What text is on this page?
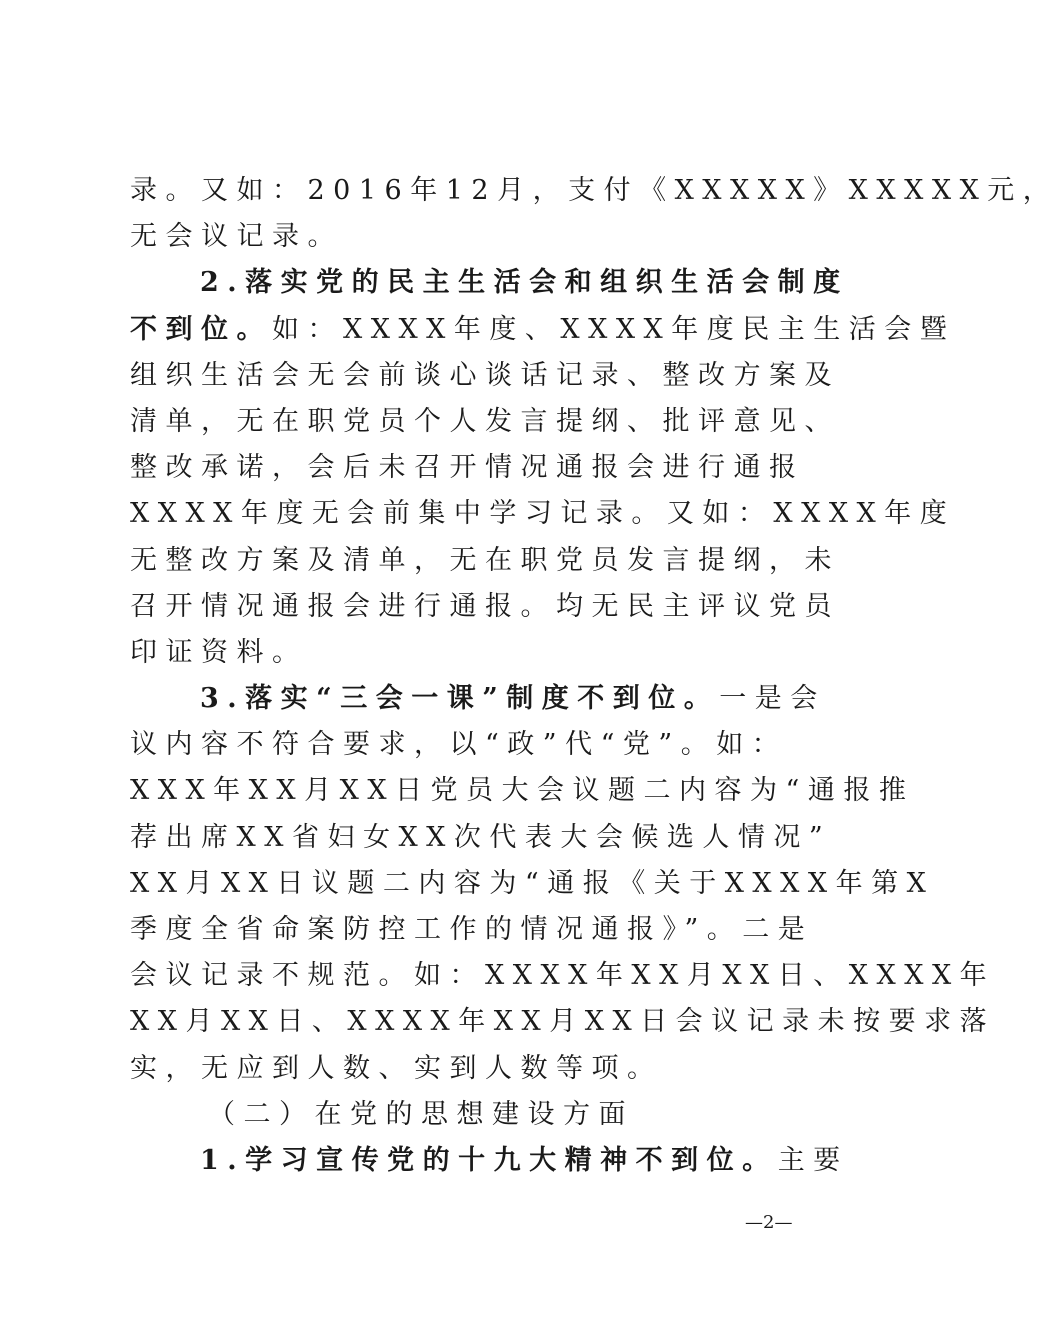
录。又如：2016年12月，支付《XXXXX》XXXXX元，
无会议记录。
2.落实党的民主生活会和组织生活会制度
不到位。如：XXXX年度、XXXX年度民主生活会暨
组织生活会无会前谈心谈话记录、整改方案及
清单，无在职党员个人发言提纲、批评意见、
整改承诺，会后未召开情况通报会进行通报
XXXX年度无会前集中学习记录。又如：XXXX年度
无整改方案及清单，无在职党员发言提纲，未
召开情况通报会进行通报。均无民主评议党员
印证资料。
3.落实“三会一课”制度不到位。一是会
议内容不符合要求，以“政”代“党”。如：
XXX年XX月XX日党员大会议题二内容为“通报推
荐出席XX省妇女XX次代表大会候选人情况”
XX月XX日议题二内容为“通报《关于XXXX年第X
季度全省命案防控工作的情况通报》”。二是
会议记录不规范。如：XXXX年XX月XX日、XXXX年
XX月XX日、XXXX年XX月XX日会议记录未按要求落
实，无应到人数、实到人数等项。
（二）在党的思想建设方面
1.学习宣传党的十九大精神不到位。主要
—2—
